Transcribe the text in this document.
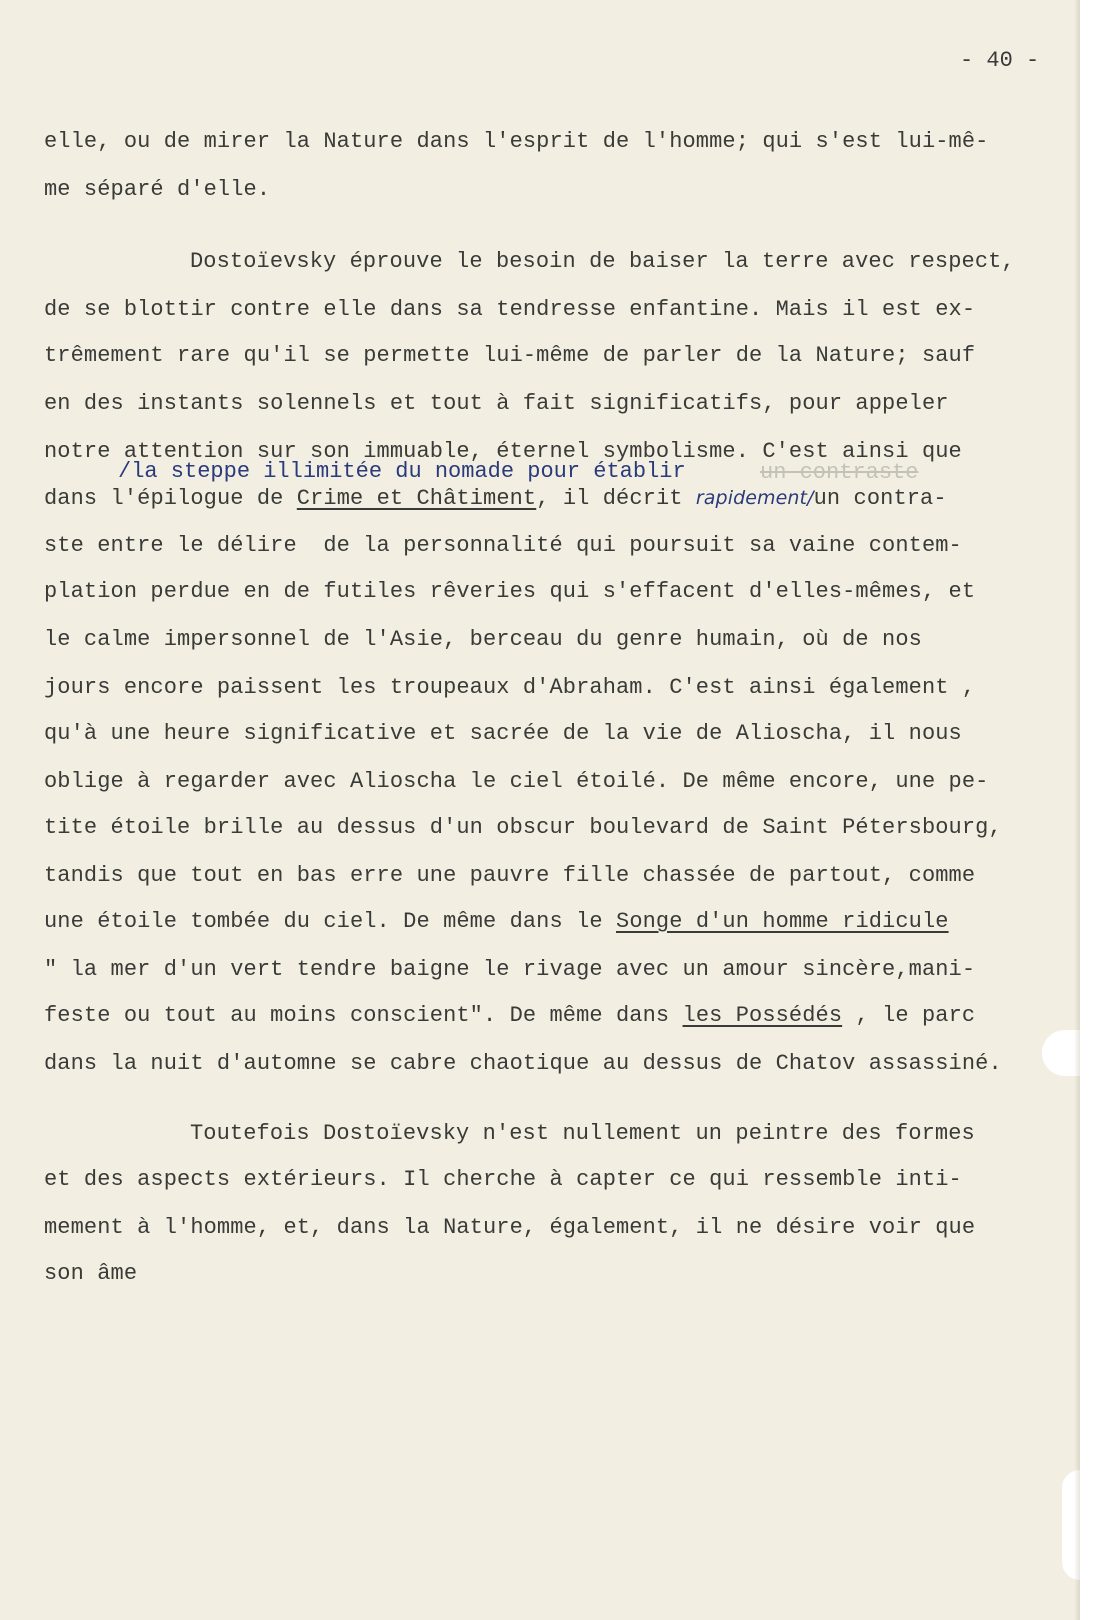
- 40 -
elle, ou de mirer la Nature dans l'esprit de l'homme; qui s'est lui-mê-
me séparé d'elle.
Dostoïevsky éprouve le besoin de baiser la terre avec respect,
de se blottir contre elle dans sa tendresse enfantine. Mais il est ex-
trêmement rare qu'il se permette lui-même de parler de la Nature; sauf
en des instants solennels et tout à fait significatifs, pour appeler
notre attention sur son immuable, éternel symbolisme. C'est ainsi que
/la steppe illimitée du nomade pour établir	un contraste
dans l'épilogue de Crime et Châtiment, il décrit rapidement/un contra-
ste entre le délire  de la personnalité qui poursuit sa vaine contem-
plation perdue en de futiles rêveries qui s'effacent d'elles-mêmes, et
le calme impersonnel de l'Asie, berceau du genre humain, où de nos
jours encore paissent les troupeaux d'Abraham. C'est ainsi également ,
qu'à une heure significative et sacrée de la vie de Alioscha, il nous
oblige à regarder avec Alioscha le ciel étoilé. De même encore, une pe-
tite étoile brille au dessus d'un obscur boulevard de Saint Pétersbourg,
tandis que tout en bas erre une pauvre fille chassée de partout, comme
une étoile tombée du ciel. De même dans le Songe d'un homme ridicule
" la mer d'un vert tendre baigne le rivage avec un amour sincère,mani-
feste ou tout au moins conscient". De même dans les Possédés , le parc
dans la nuit d'automne se cabre chaotique au dessus de Chatov assassiné.
Toutefois Dostoïevsky n'est nullement un peintre des formes
et des aspects extérieurs. Il cherche à capter ce qui ressemble inti-
mement à l'homme, et, dans la Nature, également, il ne désire voir que
son âme
